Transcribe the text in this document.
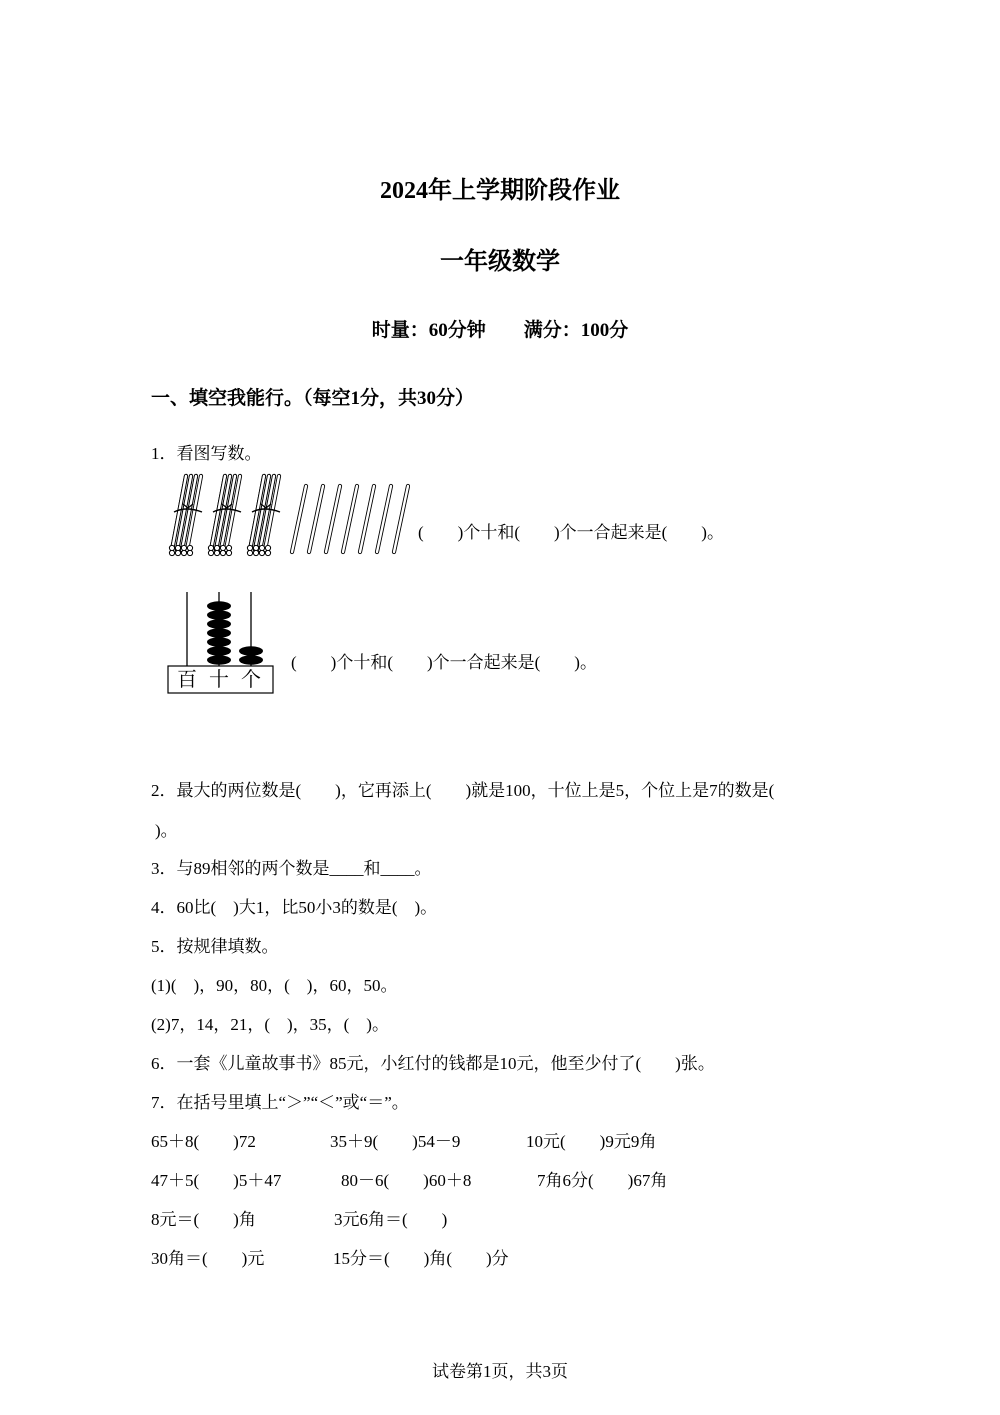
2024年上学期阶段作业
一年级数学
时量：60分钟　　满分：100分
一、填空我能行。（每空1分，共30分）
1．看图写数。
(　　)个十和(　　)个一合起来是(　　)。
百 十 个
(　　)个十和(　　)个一合起来是(　　)。
2．最大的两位数是(　　)，它再添上(　　)就是100，十位上是5，个位上是7的数是(
)。
3．与89相邻的两个数是____和____。
4．60比(　)大1，比50小3的数是(　)。
5．按规律填数。
(1)(　)，90，80，(　)，60，50。
(2)7，14，21，(　)，35，(　)。
6．一套《儿童故事书》85元，小红付的钱都是10元，他至少付了(　　)张。
7．在括号里填上“＞”“＜”或“＝”。
65＋8(　　)72	35＋9(　　)54－9	10元(　　)9元9角
47＋5(　　)5＋47	80－6(　　)60＋8	7角6分(　　)67角
8元＝(　　)角	3元6角＝(　　)
30角＝(　　)元	15分＝(　　)角(　　)分
试卷第1页，共3页
